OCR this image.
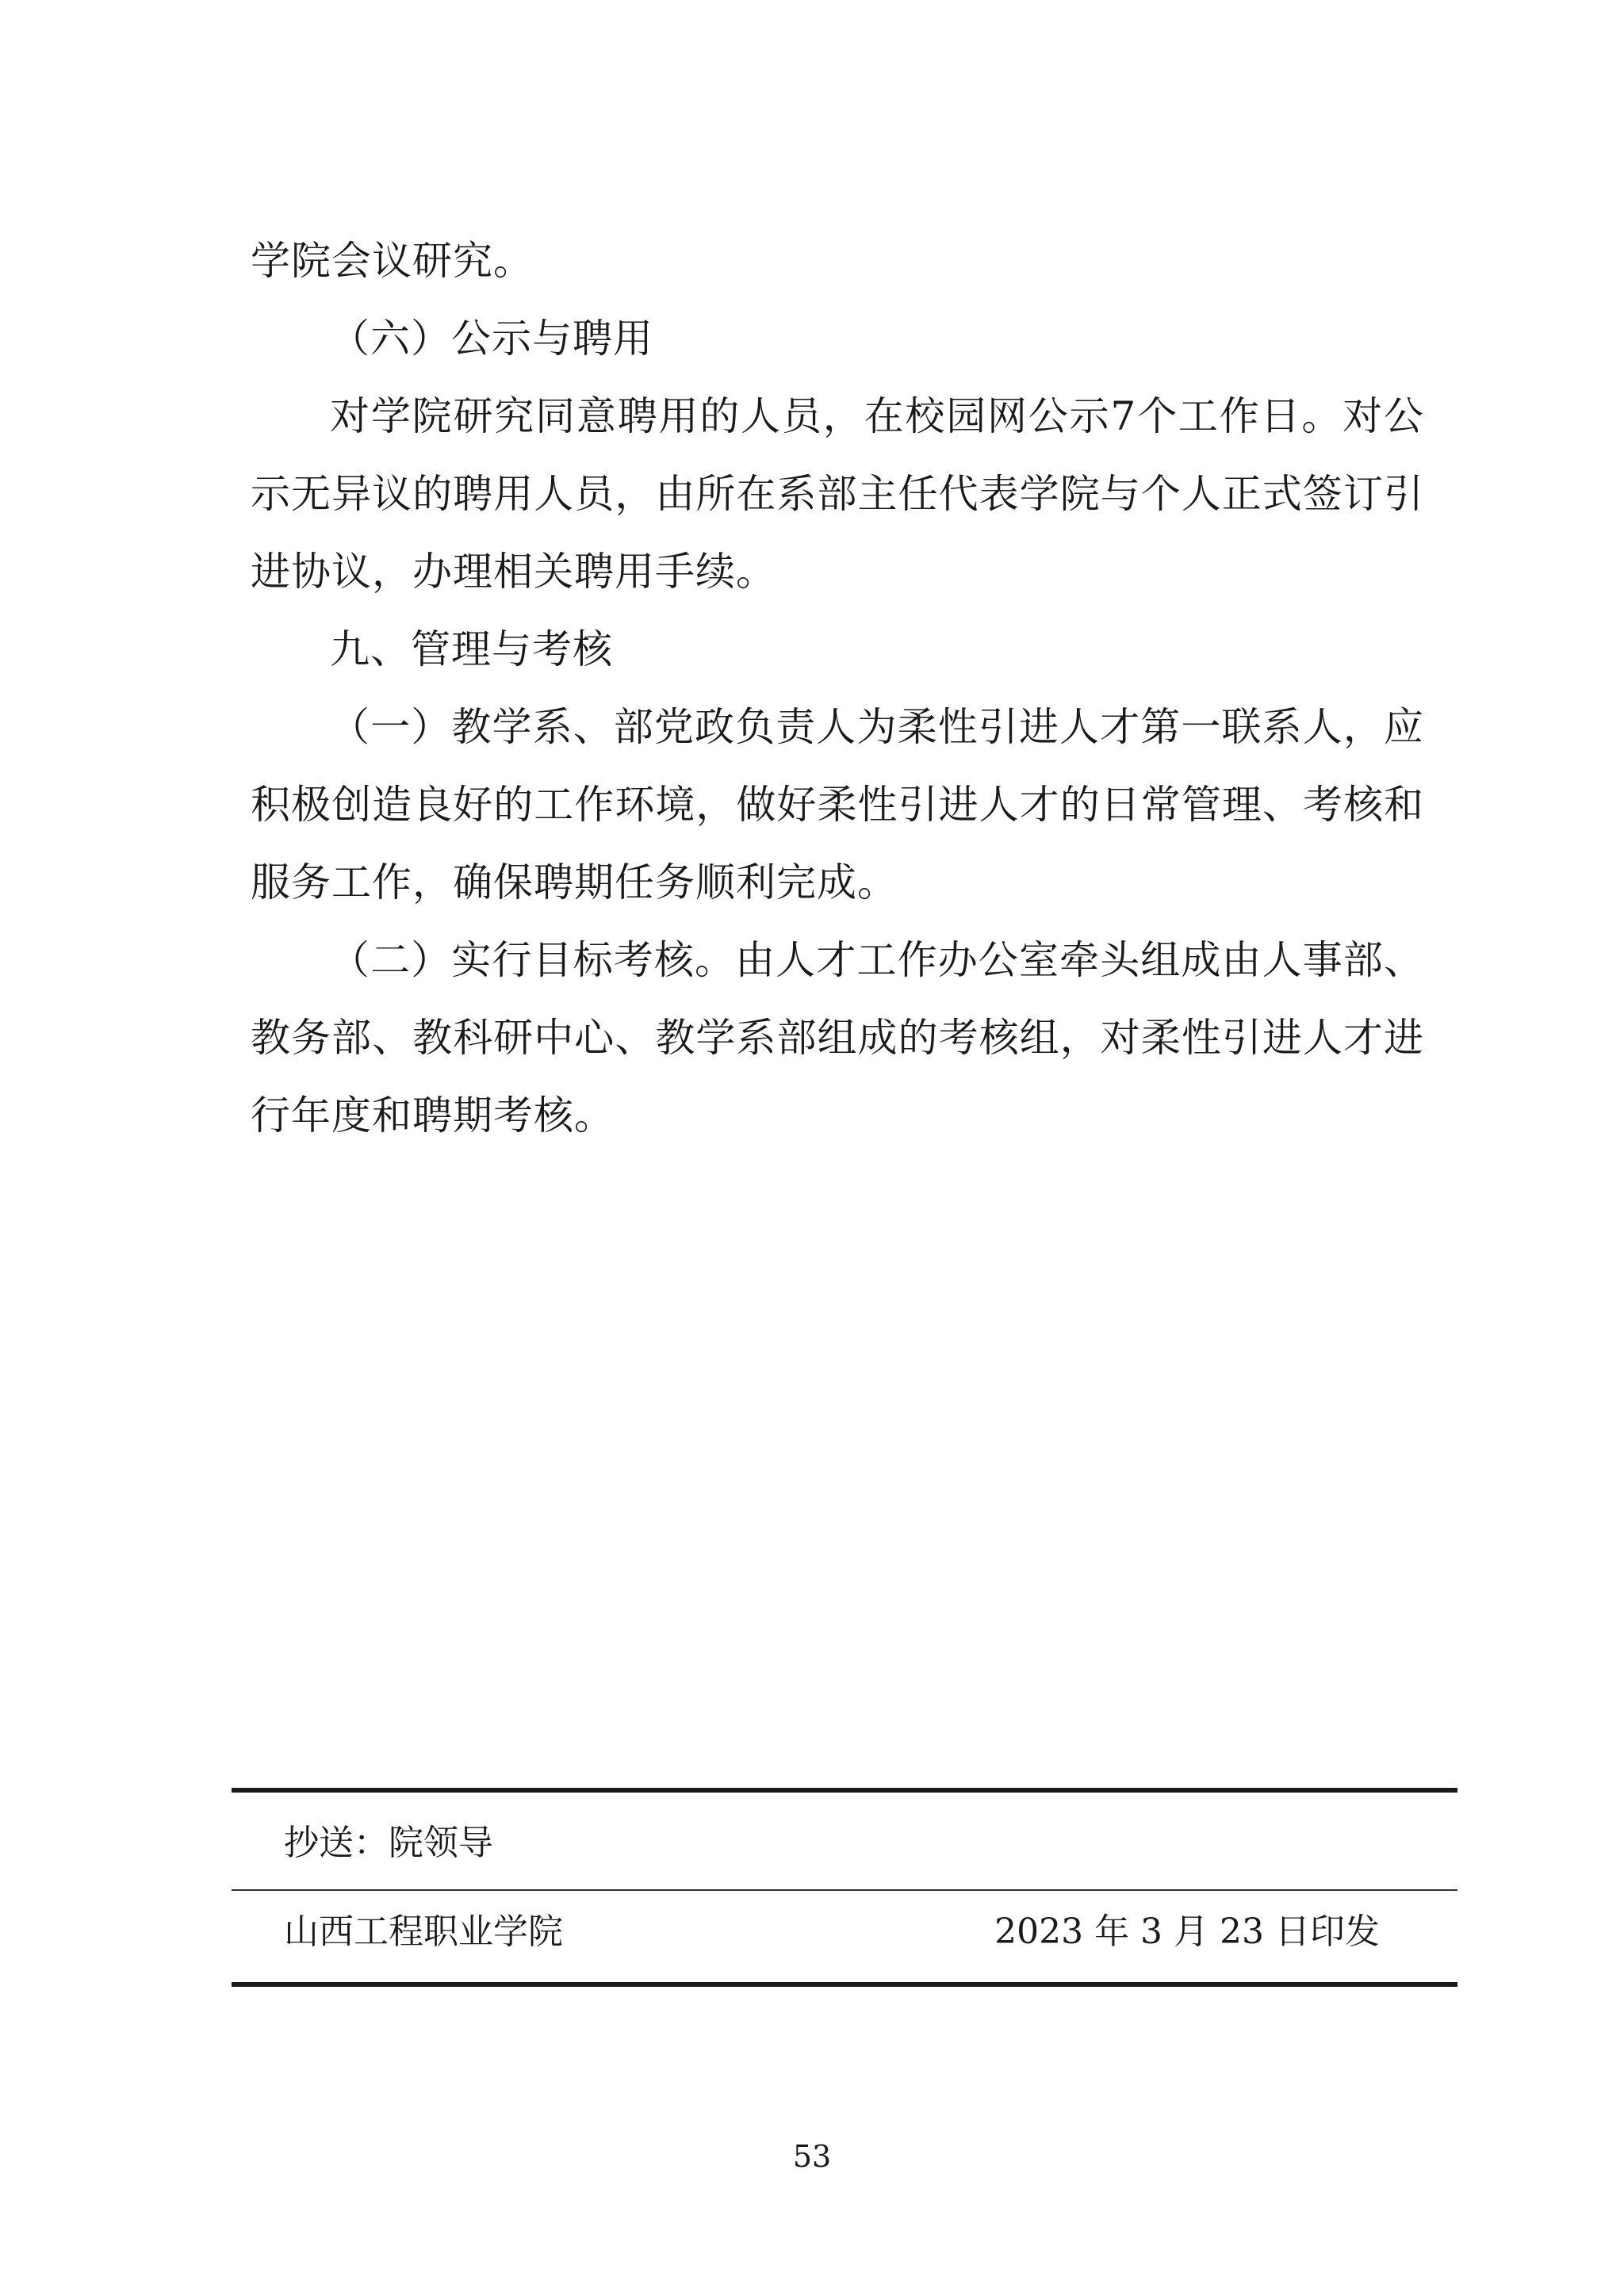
学院会议研究。
（六）公示与聘用
对学院研究同意聘用的人员，在校园网公示7个工作日。对公
示无异议的聘用人员，由所在系部主任代表学院与个人正式签订引
进协议，办理相关聘用手续。
九、管理与考核
（一）教学系、部党政负责人为柔性引进人才第一联系人，应
积极创造良好的工作环境，做好柔性引进人才的日常管理、考核和
服务工作，确保聘期任务顺利完成。
（二）实行目标考核。由人才工作办公室牵头组成由人事部、
教务部、教科研中心、教学系部组成的考核组，对柔性引进人才进
行年度和聘期考核。
抄送：院领导
山西工程职业学院	2023 年 3 月 23 日印发
53
